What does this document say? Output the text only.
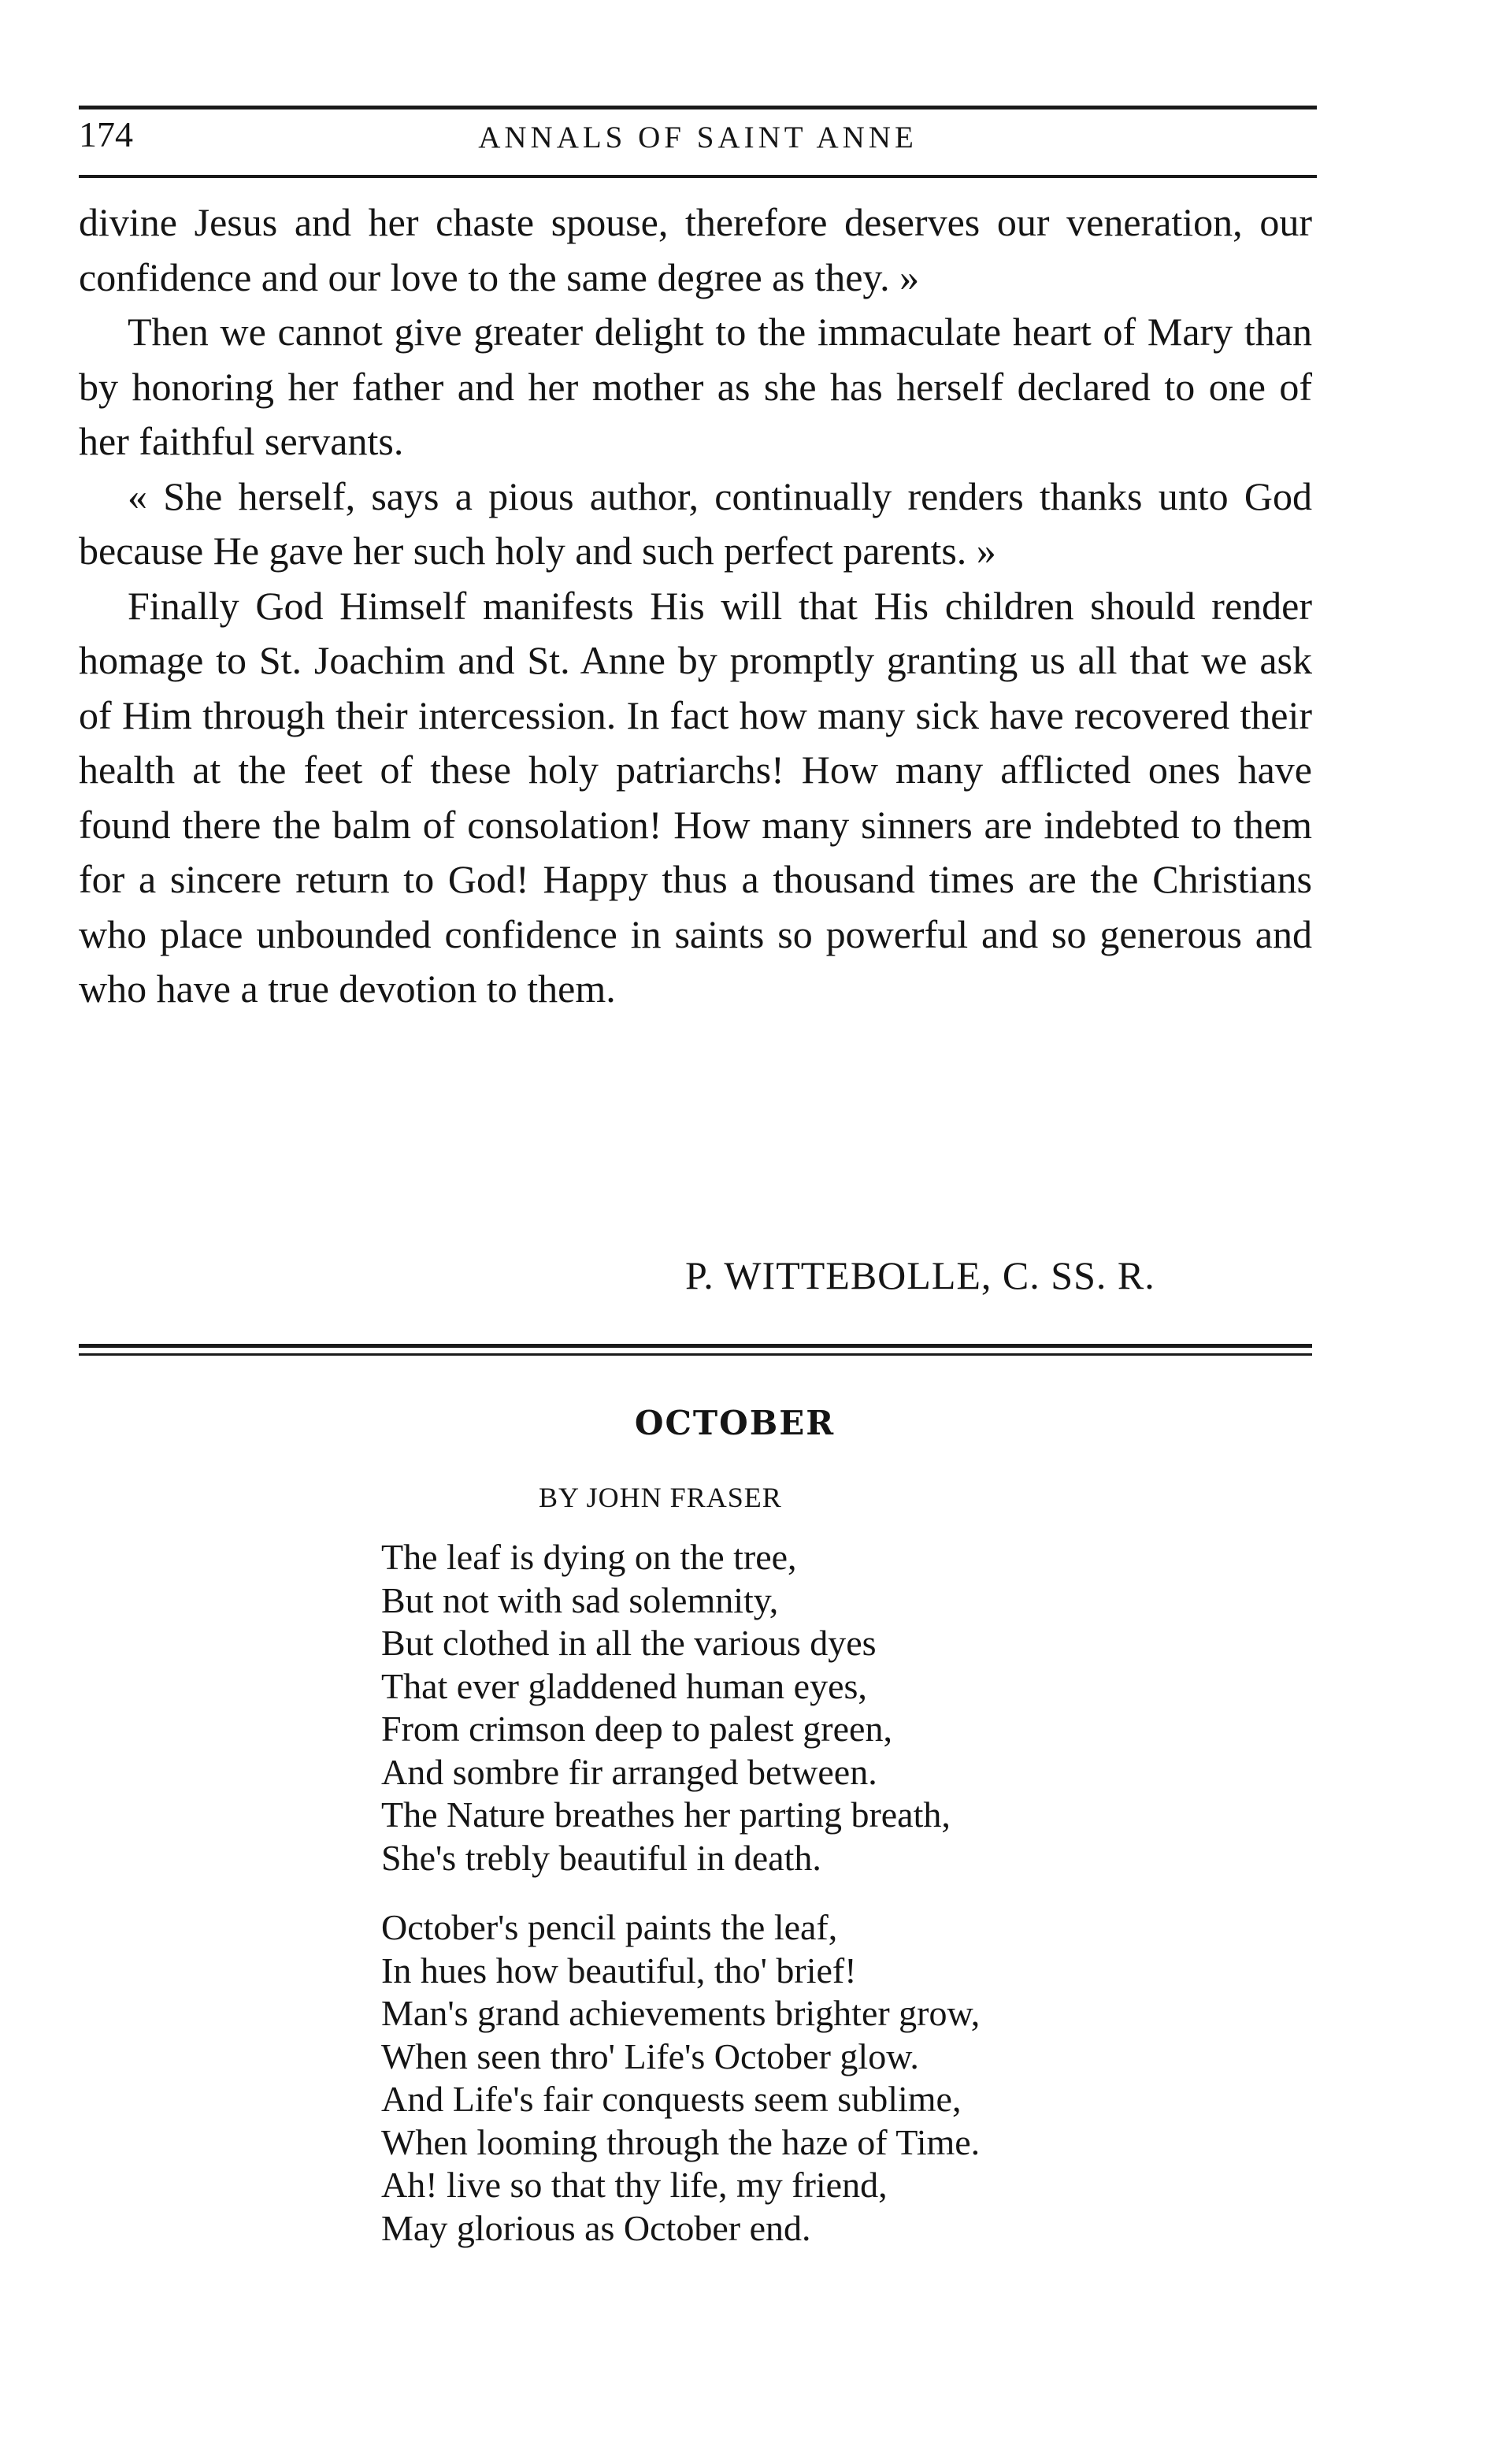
174	ANNALS OF SAINT ANNE

divine Jesus and her chaste spouse, therefore deserves our veneration, our confidence and our love to the same degree as they. »

Then we cannot give greater delight to the immaculate heart of Mary than by honoring her father and her mother as she has herself declared to one of her faithful servants.

« She herself, says a pious author, continually renders thanks unto God because He gave her such holy and such perfect parents. »

Finally God Himself manifests His will that His children should render homage to St. Joachim and St. Anne by promptly granting us all that we ask of Him through their intercession. In fact how many sick have recovered their health at the feet of these holy patriarchs! How many afflicted ones have found there the balm of consolation! How many sinners are indebted to them for a sincere return to God! Happy thus a thousand times are the Christians who place unbounded confidence in saints so powerful and so generous and who have a true devotion to them.

P. WITTEBOLLE, C. SS. R.
OCTOBER
BY JOHN FRASER
The leaf is dying on the tree,
But not with sad solemnity,
But clothed in all the various dyes
That ever gladdened human eyes,
From crimson deep to palest green,
And sombre fir arranged between.
The Nature breathes her parting breath,
She's trebly beautiful in death.
October's pencil paints the leaf,
In hues how beautiful, tho' brief!
Man's grand achievements brighter grow,
When seen thro' Life's October glow.
And Life's fair conquests seem sublime,
When looming through the haze of Time.
Ah! live so that thy life, my friend,
May glorious as October end.
